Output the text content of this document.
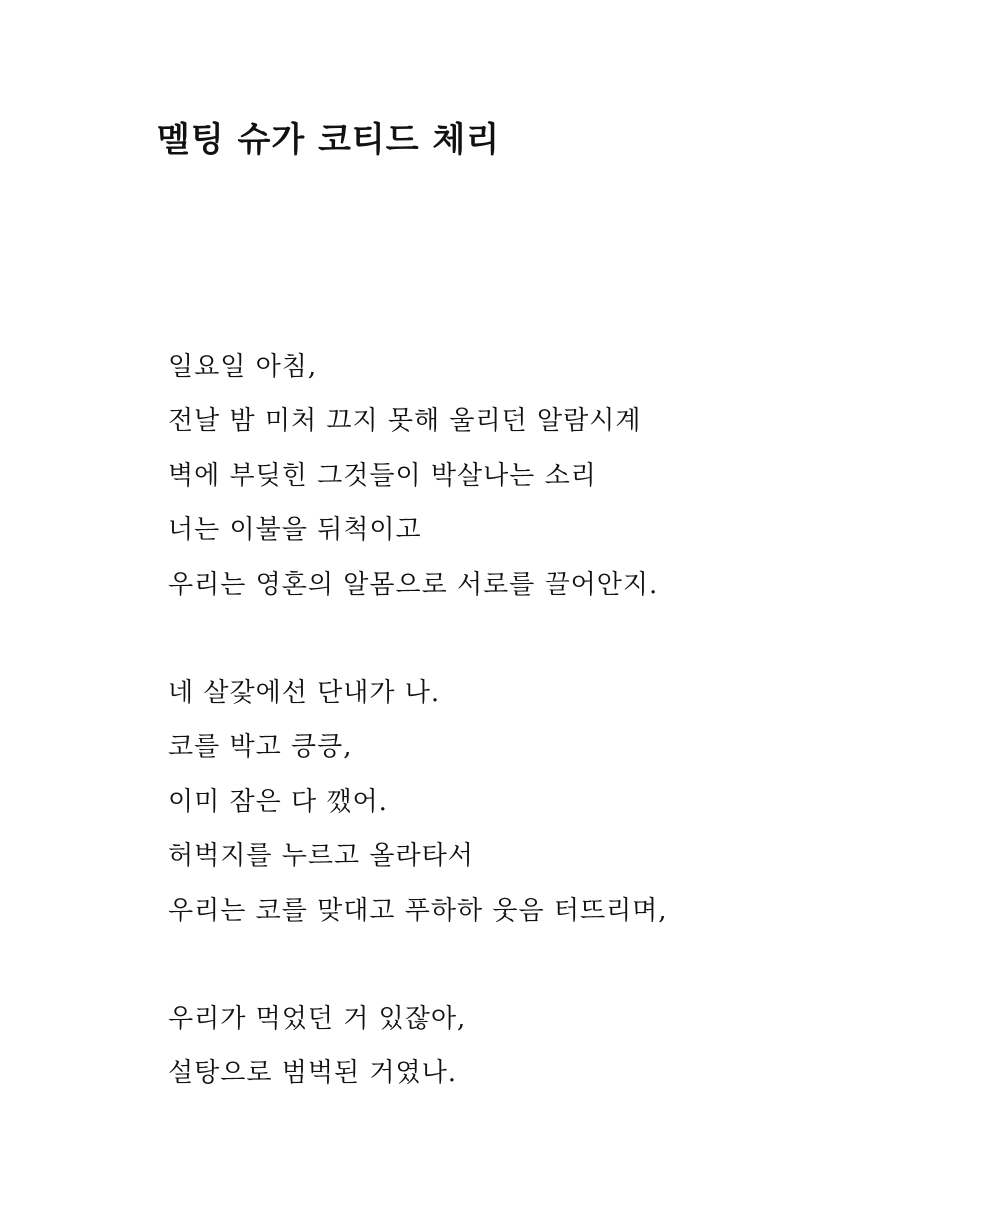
멜팅 슈가 코티드 체리
일요일 아침,
전날 밤 미처 끄지 못해 울리던 알람시계
벽에 부딪힌 그것들이 박살나는 소리
너는 이불을 뒤척이고
우리는 영혼의 알몸으로 서로를 끌어안지.
네 살갗에선 단내가 나.
코를 박고 킁킁,
이미 잠은 다 깼어.
허벅지를 누르고 올라타서
우리는 코를 맞대고 푸하하 웃음 터뜨리며,
우리가 먹었던 거 있잖아,
설탕으로 범벅된 거였나.
